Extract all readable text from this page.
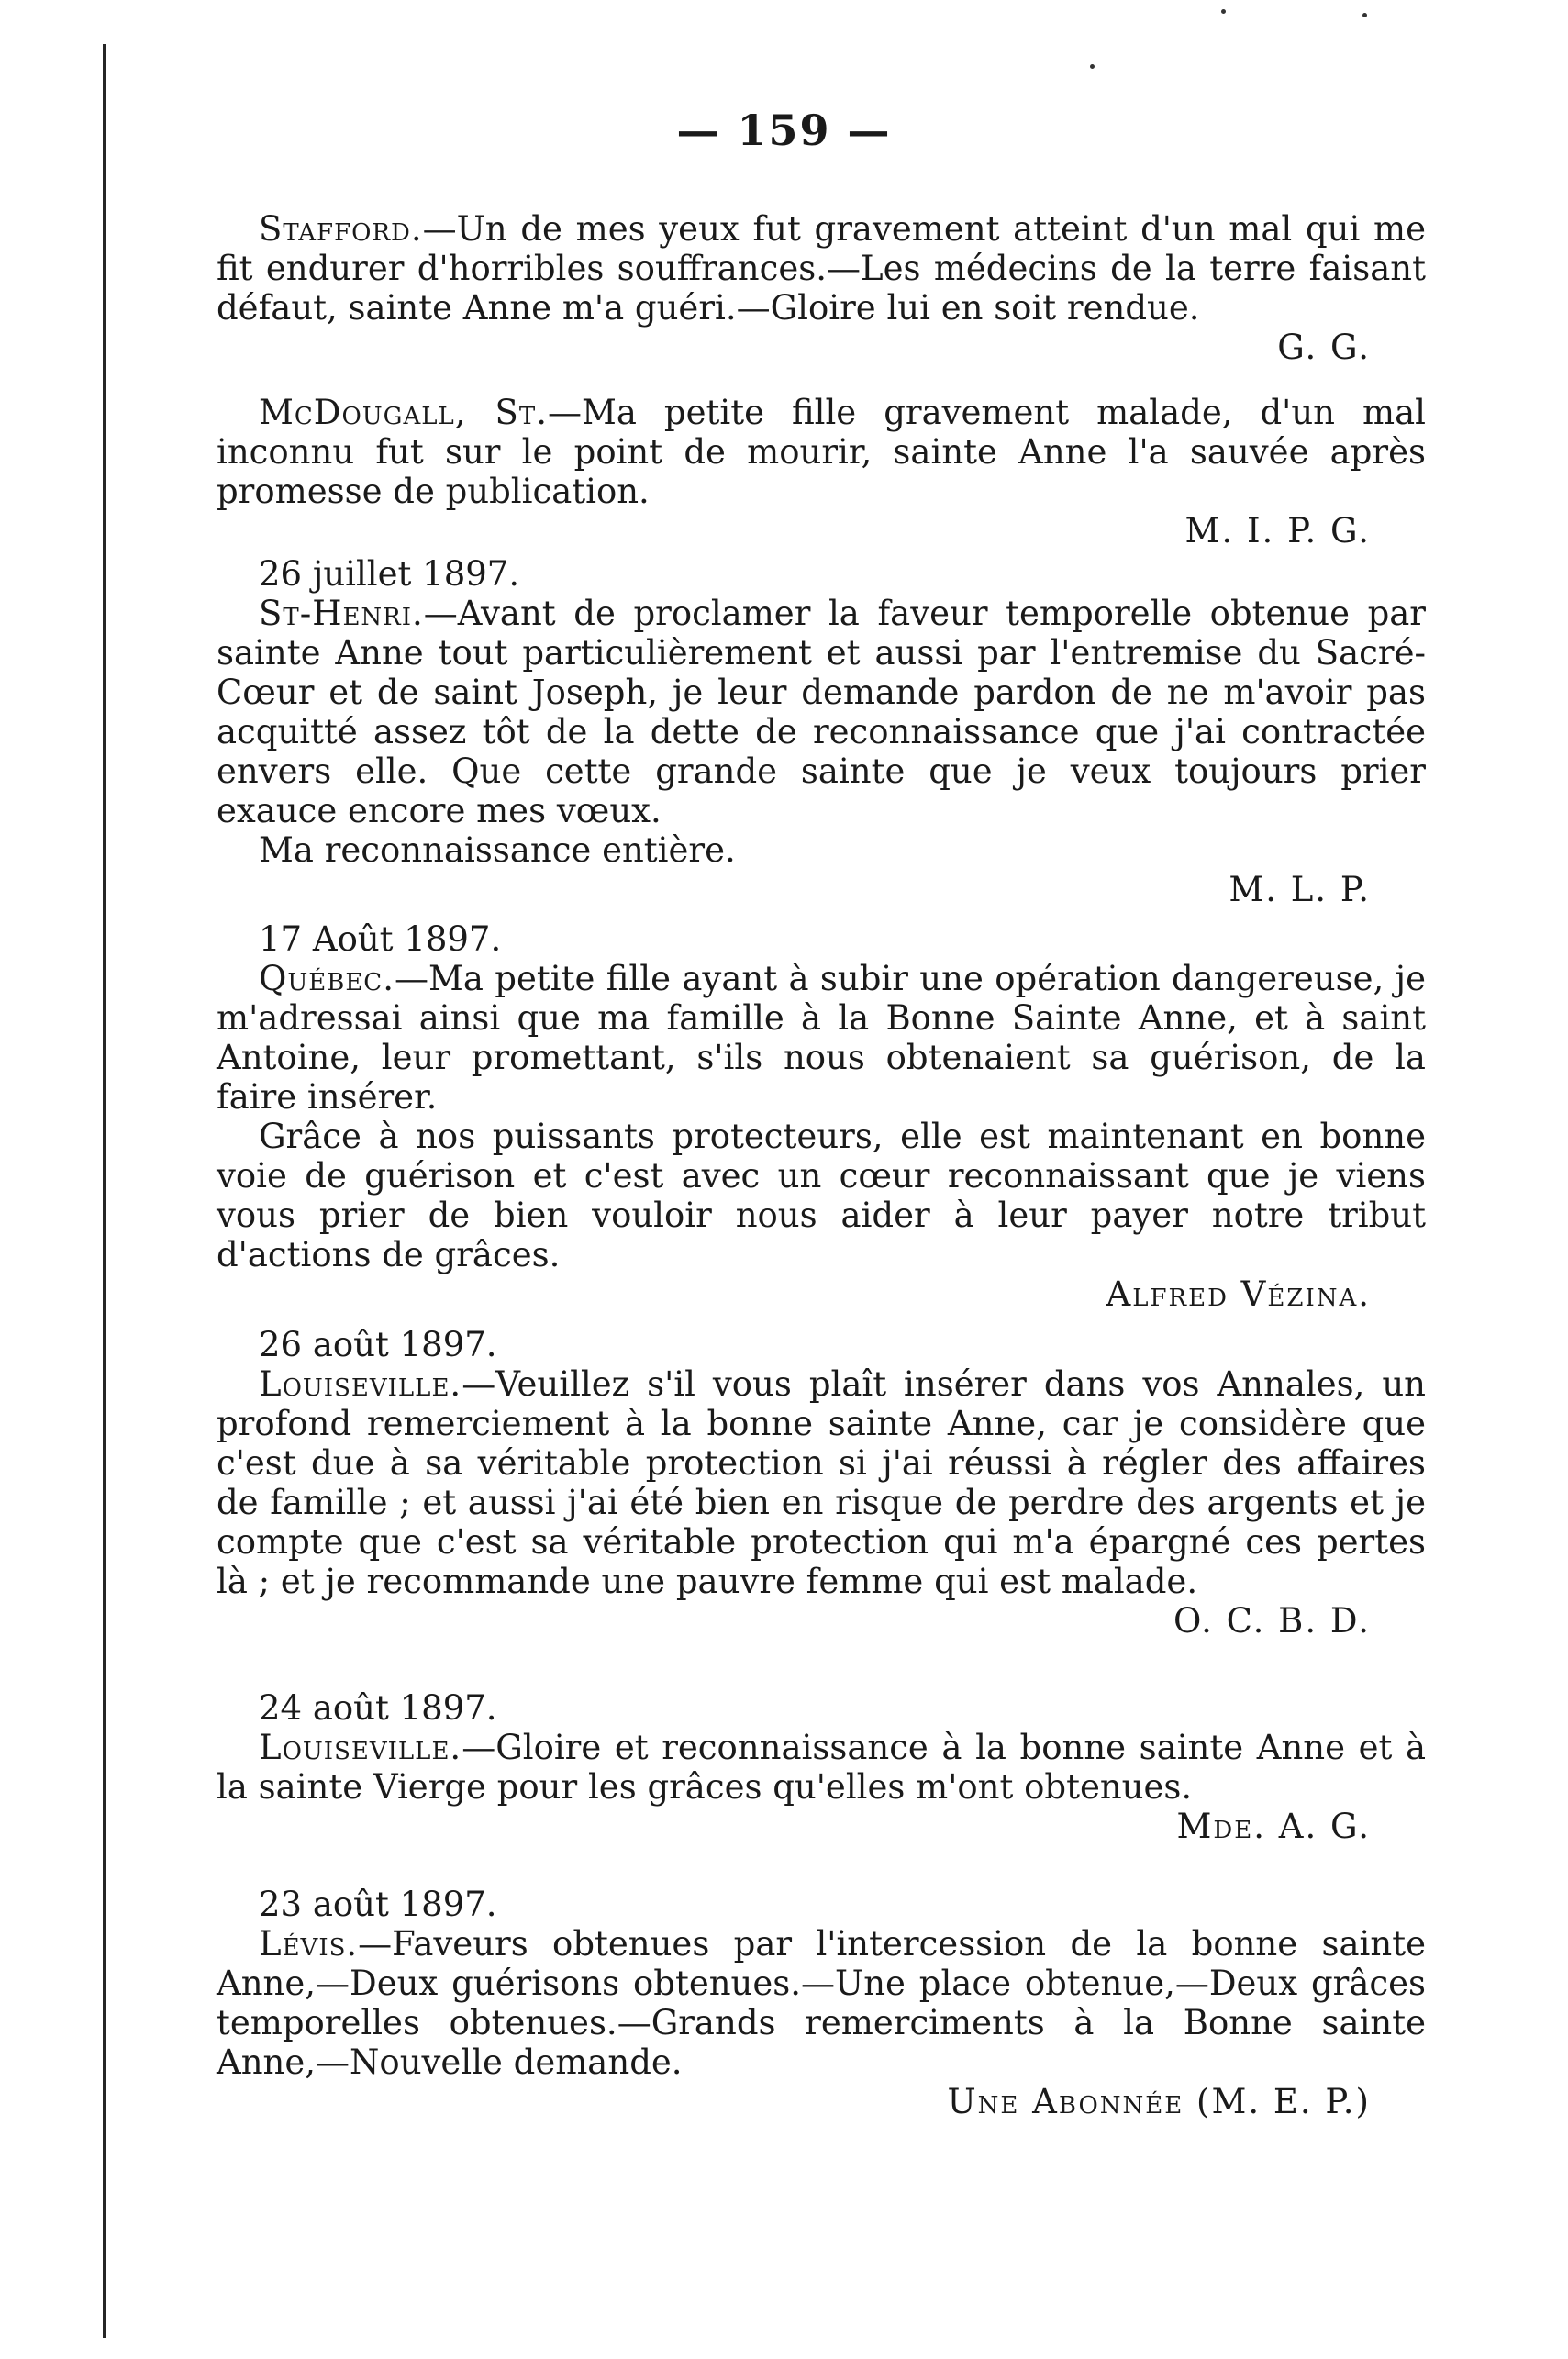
— 159 —
Stafford.—Un de mes yeux fut gravement atteint d'un mal qui me fit endurer d'horribles souffrances.—Les médecins de la terre faisant défaut, sainte Anne m'a guéri.—Gloire lui en soit rendue.
G. G.
McDougall, St.—Ma petite fille gravement malade, d'un mal inconnu fut sur le point de mourir, sainte Anne l'a sauvée après promesse de publication.
M. I. P. G.
26 juillet 1897.
St-Henri.—Avant de proclamer la faveur temporelle obtenue par sainte Anne tout particulièrement et aussi par l'entremise du Sacré-Cœur et de saint Joseph, je leur demande pardon de ne m'avoir pas acquitté assez tôt de la dette de reconnaissance que j'ai contractée envers elle. Que cette grande sainte que je veux toujours prier exauce encore mes vœux.
Ma reconnaissance entière.
M. L. P.
17 Août 1897.
Québec.—Ma petite fille ayant à subir une opération dangereuse, je m'adressai ainsi que ma famille à la Bonne Sainte Anne, et à saint Antoine, leur promettant, s'ils nous obtenaient sa guérison, de la faire insérer.
Grâce à nos puissants protecteurs, elle est maintenant en bonne voie de guérison et c'est avec un cœur reconnaissant que je viens vous prier de bien vouloir nous aider à leur payer notre tribut d'actions de grâces.
Alfred Vézina.
26 août 1897.
Louiseville.—Veuillez s'il vous plaît insérer dans vos Annales, un profond remerciement à la bonne sainte Anne, car je considère que c'est due à sa véritable protection si j'ai réussi à régler des affaires de famille ; et aussi j'ai été bien en risque de perdre des argents et je compte que c'est sa véritable protection qui m'a épargné ces pertes là ; et je recommande une pauvre femme qui est malade.
O. C. B. D.
24 août 1897.
Louiseville.—Gloire et reconnaissance à la bonne sainte Anne et à la sainte Vierge pour les grâces qu'elles m'ont obtenues.
Mde. A. G.
23 août 1897.
Lévis.—Faveurs obtenues par l'intercession de la bonne sainte Anne,—Deux guérisons obtenues.—Une place obtenue,—Deux grâces temporelles obtenues.—Grands remerciments à la Bonne sainte Anne,—Nouvelle demande.
Une Abonnée (M. E. P.)
